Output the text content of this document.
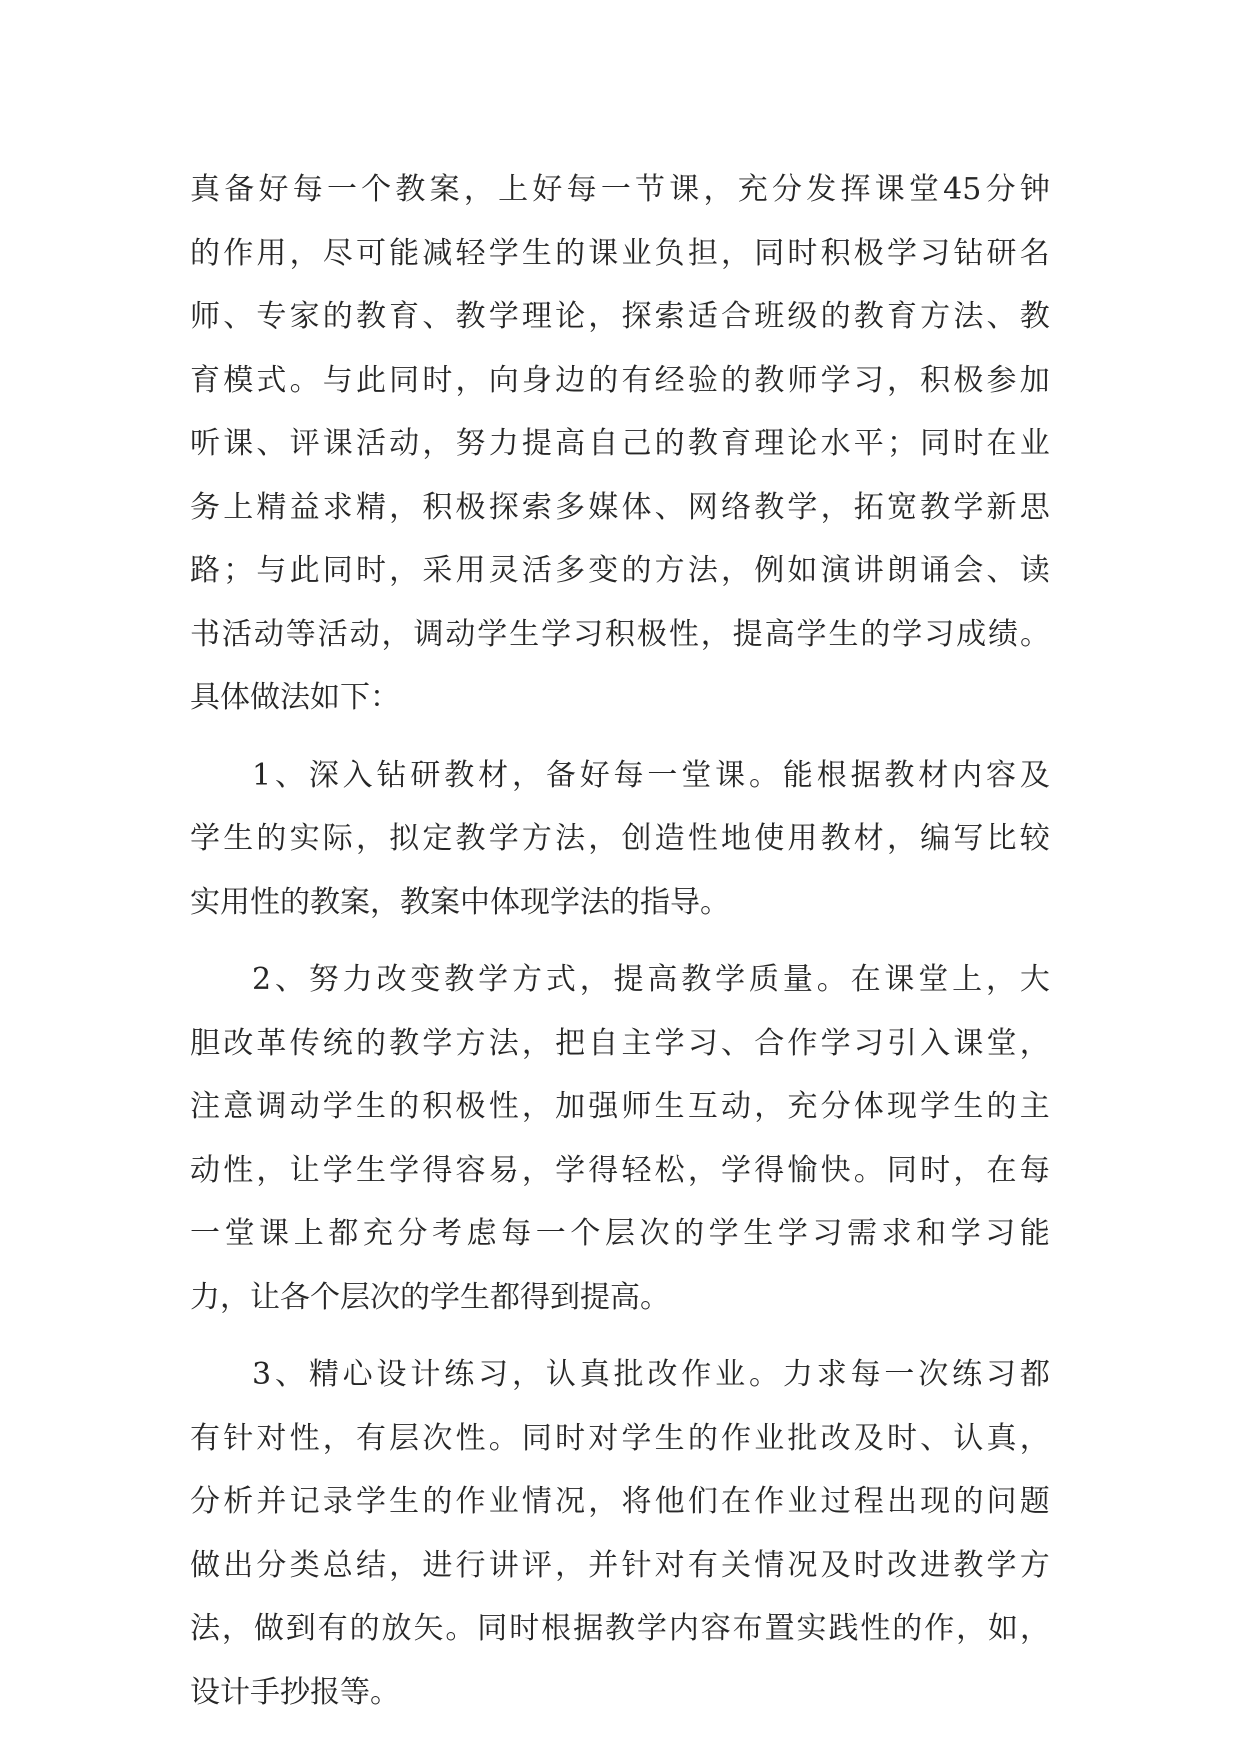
真 备 好 每 一 个 教 案 ， 上 好 每 一 节 课 ， 充 分 发 挥 课 堂 45 分 钟
的 作 用 ， 尽 可 能 减 轻 学 生 的 课 业 负 担 ， 同 时 积 极 学 习 钻 研 名
师 、 专 家 的 教 育 、 教 学 理 论 ， 探 索 适 合 班 级 的 教 育 方 法 、 教
育 模 式 。 与 此 同 时 ， 向 身 边 的 有 经 验 的 教 师 学 习 ， 积 极 参 加
听 课 、 评 课 活 动 ， 努 力 提 高 自 己 的 教 育 理 论 水 平 ； 同 时 在 业
务 上 精 益 求 精 ， 积 极 探 索 多 媒 体 、 网 络 教 学 ， 拓 宽 教 学 新 思
路 ； 与 此 同 时 ， 采 用 灵 活 多 变 的 方 法 ， 例 如 演 讲 朗 诵 会 、 读
书 活 动 等 活 动 ， 调 动 学 生 学 习 积 极 性 ， 提 高 学 生 的 学 习 成 绩 。
具体做法如下：
1 、 深 入 钻 研 教 材 ， 备 好 每 一 堂 课 。 能 根 据 教 材 内 容 及
学 生 的 实 际 ， 拟 定 教 学 方 法 ， 创 造 性 地 使 用 教 材 ， 编 写 比 较
实用性的教案，教案中体现学法的指导。
2 、 努 力 改 变 教 学 方 式 ， 提 高 教 学 质 量 。 在 课 堂 上 ， 大
胆 改 革 传 统 的 教 学 方 法 ， 把 自 主 学 习 、 合 作 学 习 引 入 课 堂 ，
注 意 调 动 学 生 的 积 极 性 ， 加 强 师 生 互 动 ， 充 分 体 现 学 生 的 主
动 性 ， 让 学 生 学 得 容 易 ， 学 得 轻 松 ， 学 得 愉 快 。 同 时 ， 在 每
一 堂 课 上 都 充 分 考 虑 每 一 个 层 次 的 学 生 学 习 需 求 和 学 习 能
力，让各个层次的学生都得到提高。
3 、 精 心 设 计 练 习 ， 认 真 批 改 作 业 。 力 求 每 一 次 练 习 都
有 针 对 性 ， 有 层 次 性 。 同 时 对 学 生 的 作 业 批 改 及 时 、 认 真 ，
分 析 并 记 录 学 生 的 作 业 情 况 ， 将 他 们 在 作 业 过 程 出 现 的 问 题
做 出 分 类 总 结 ， 进 行 讲 评 ， 并 针 对 有 关 情 况 及 时 改 进 教 学 方
法 ， 做 到 有 的 放 矢 。 同 时 根 据 教 学 内 容 布 置 实 践 性 的 作 ， 如 ，
设计手抄报等。
